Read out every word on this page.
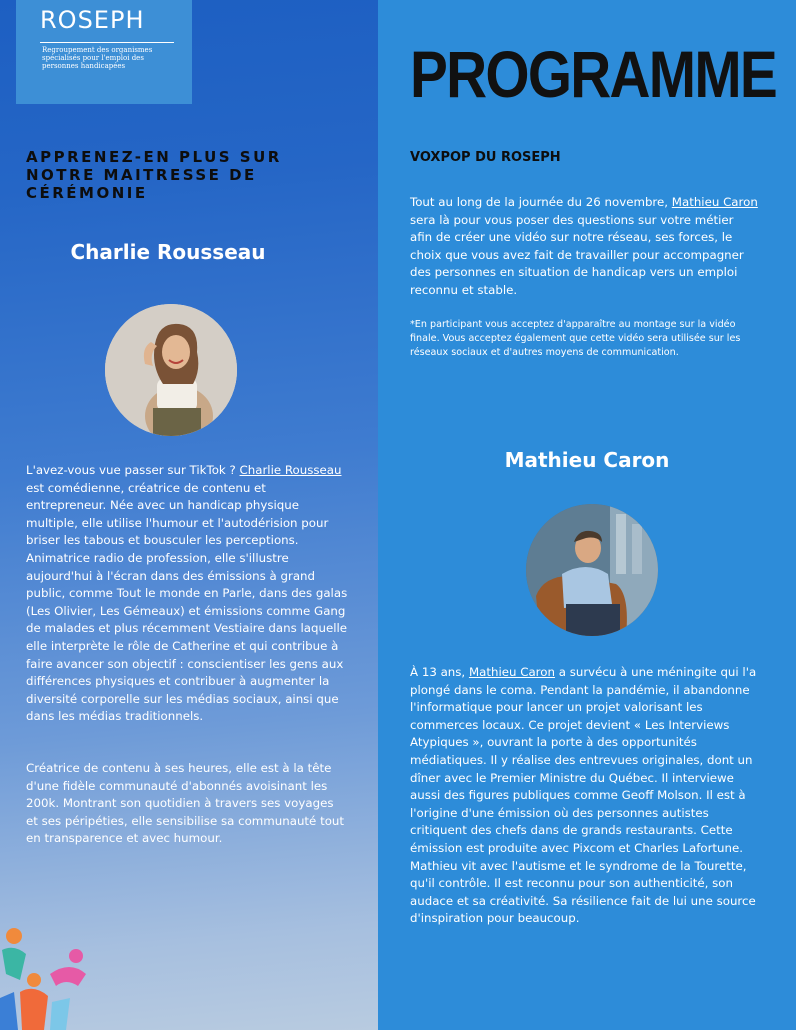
ROSEPH
Regroupement des organismes spécialisés pour l'emploi des personnes handicapées
APPRENEZ-EN PLUS SUR NOTRE MAITRESSE DE CÉRÉMONIE
Charlie Rousseau

L'avez-vous vue passer sur TikTok ? Charlie Rousseau est comédienne, créatrice de contenu et entrepreneur. Née avec un handicap physique multiple, elle utilise l'humour et l'autodérision pour briser les tabous et bousculer les perceptions. Animatrice radio de profession, elle s'illustre aujourd'hui à l'écran dans des émissions à grand public, comme Tout le monde en Parle, dans des galas (Les Olivier, Les Gémeaux) et émissions comme Gang de malades et plus récemment Vestiaire dans laquelle elle interprète le rôle de Catherine et qui contribue à faire avancer son objectif : conscientiser les gens aux différences physiques et contribuer à augmenter la diversité corporelle sur les médias sociaux, ainsi que dans les médias traditionnels.

Créatrice de contenu à ses heures, elle est à la tête d'une fidèle communauté d'abonnés avoisinant les 200k. Montrant son quotidien à travers ses voyages et ses péripéties, elle sensibilise sa communauté tout en transparence et avec humour.

PROGRAMME
VOXPOP DU ROSEPH

Tout au long de la journée du 26 novembre, Mathieu Caron sera là pour vous poser des questions sur votre métier afin de créer une vidéo sur notre réseau, ses forces, le choix que vous avez fait de travailler pour accompagner des personnes en situation de handicap vers un emploi reconnu et stable.

*En participant vous acceptez d'apparaître au montage sur la vidéo finale. Vous acceptez également que cette vidéo sera utilisée sur les réseaux sociaux et d'autres moyens de communication.

Mathieu Caron

À 13 ans, Mathieu Caron a survécu à une méningite qui l'a plongé dans le coma. Pendant la pandémie, il abandonne l'informatique pour lancer un projet valorisant les commerces locaux. Ce projet devient « Les Interviews Atypiques », ouvrant la porte à des opportunités médiatiques. Il y réalise des entrevues originales, dont un dîner avec le Premier Ministre du Québec. Il interviewe aussi des figures publiques comme Geoff Molson. Il est à l'origine d'une émission où des personnes autistes critiquent des chefs dans de grands restaurants. Cette émission est produite avec Pixcom et Charles Lafortune. Mathieu vit avec l'autisme et le syndrome de la Tourette, qu'il contrôle. Il est reconnu pour son authenticité, son audace et sa créativité. Sa résilience fait de lui une source d'inspiration pour beaucoup.
